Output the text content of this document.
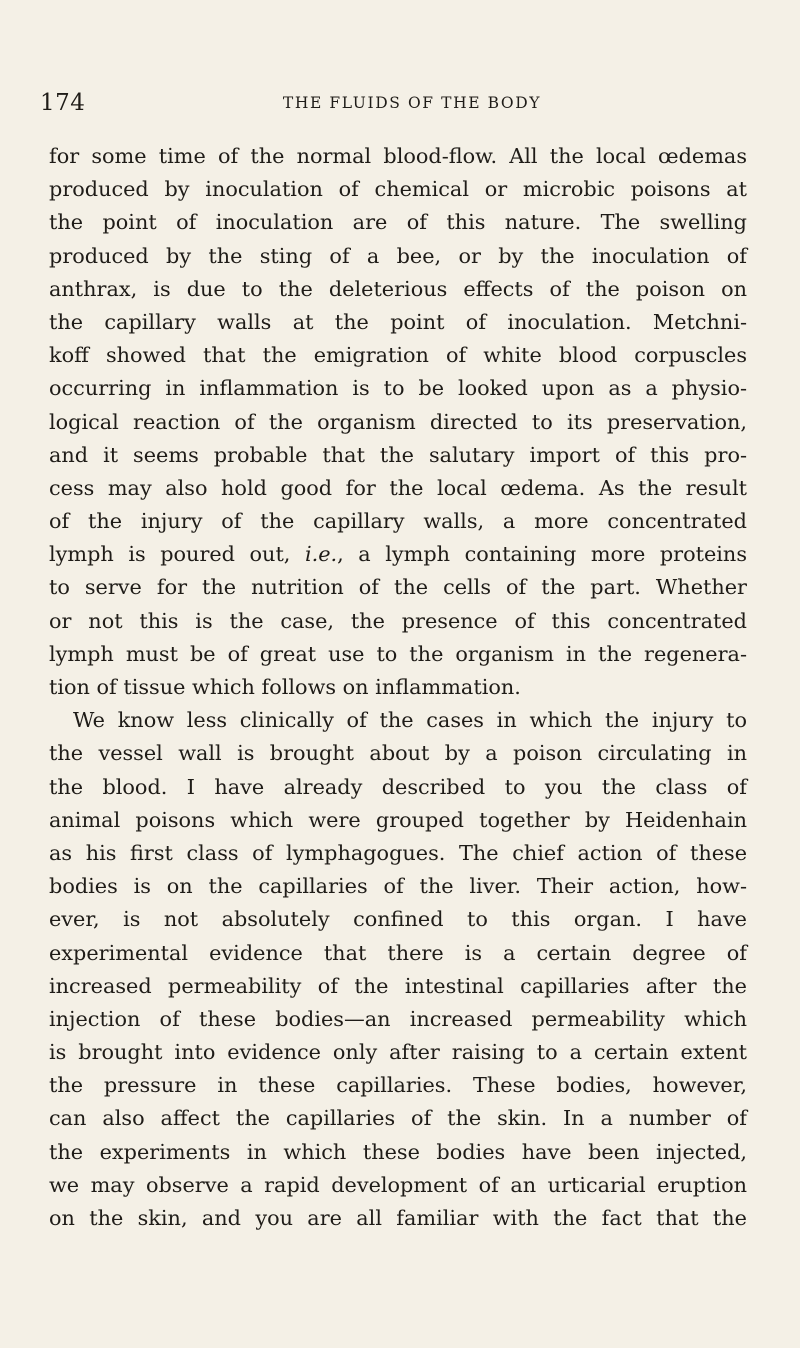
174	THE FLUIDS OF THE BODY
for some time of the normal blood-flow. All the local œdemas
produced by inoculation of chemical or microbic poisons at
the point of inoculation are of this nature. The swelling
produced by the sting of a bee, or by the inoculation of
anthrax, is due to the deleterious effects of the poison on
the capillary walls at the point of inoculation. Metchni-
koff showed that the emigration of white blood corpuscles
occurring in inflammation is to be looked upon as a physio-
logical reaction of the organism directed to its preservation,
and it seems probable that the salutary import of this pro-
cess may also hold good for the local œdema. As the result
of the injury of the capillary walls, a more concentrated
lymph is poured out, i.e., a lymph containing more proteins
to serve for the nutrition of the cells of the part. Whether
or not this is the case, the presence of this concentrated
lymph must be of great use to the organism in the regenera-
tion of tissue which follows on inflammation.
We know less clinically of the cases in which the injury to
the vessel wall is brought about by a poison circulating in
the blood. I have already described to you the class of
animal poisons which were grouped together by Heidenhain
as his first class of lymphagogues. The chief action of these
bodies is on the capillaries of the liver. Their action, how-
ever, is not absolutely confined to this organ. I have
experimental evidence that there is a certain degree of
increased permeability of the intestinal capillaries after the
injection of these bodies—an increased permeability which
is brought into evidence only after raising to a certain extent
the pressure in these capillaries. These bodies, however,
can also affect the capillaries of the skin. In a number of
the experiments in which these bodies have been injected,
we may observe a rapid development of an urticarial eruption
on the skin, and you are all familiar with the fact that the
